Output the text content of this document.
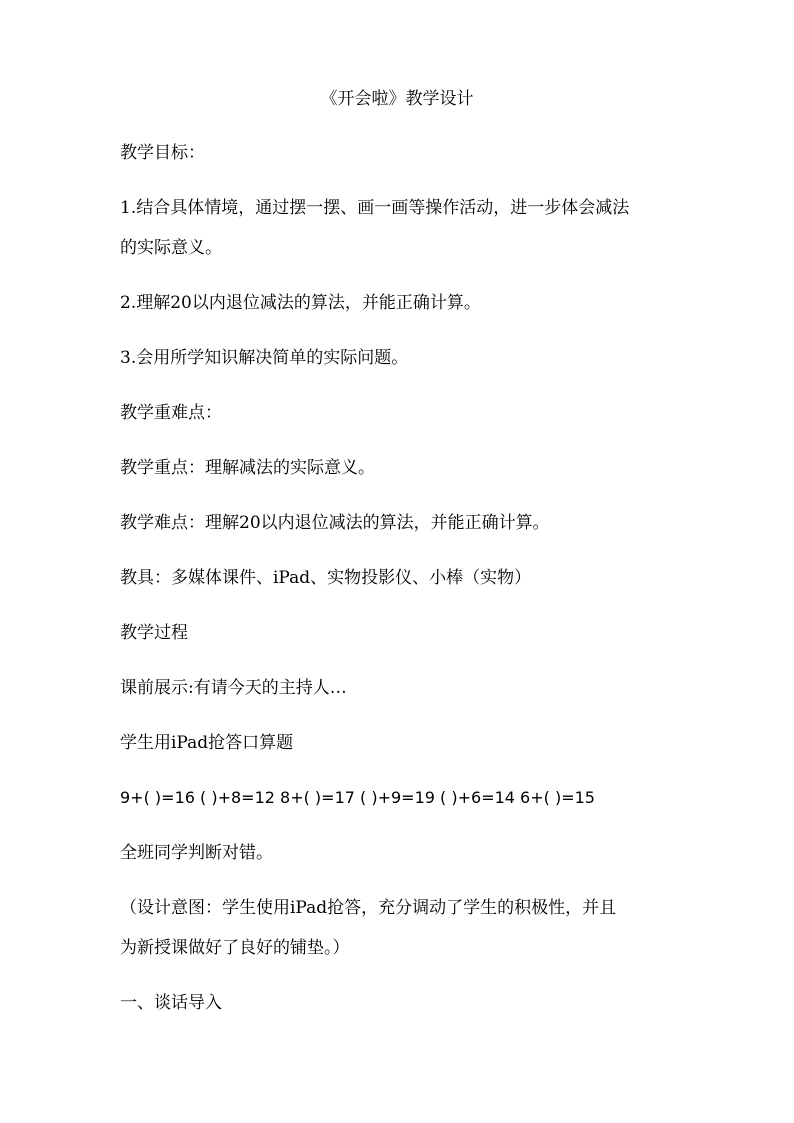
《开会啦》教学设计
教学目标：
1.结合具体情境，通过摆一摆、画一画等操作活动，进一步体会减法
的实际意义。
2.理解20以内退位减法的算法，并能正确计算。
3.会用所学知识解决简单的实际问题。
教学重难点：
教学重点：理解减法的实际意义。
教学难点：理解20以内退位减法的算法，并能正确计算。
教具：多媒体课件、iPad、实物投影仪、小棒（实物）
教学过程
课前展示:有请今天的主持人…
学生用iPad抢答口算题
9+( )=16 ( )+8=12 8+( )=17 ( )+9=19 ( )+6=14 6+( )=15
全班同学判断对错。
（设计意图：学生使用iPad抢答，充分调动了学生的积极性，并且
为新授课做好了良好的铺垫。）
一、谈话导入
